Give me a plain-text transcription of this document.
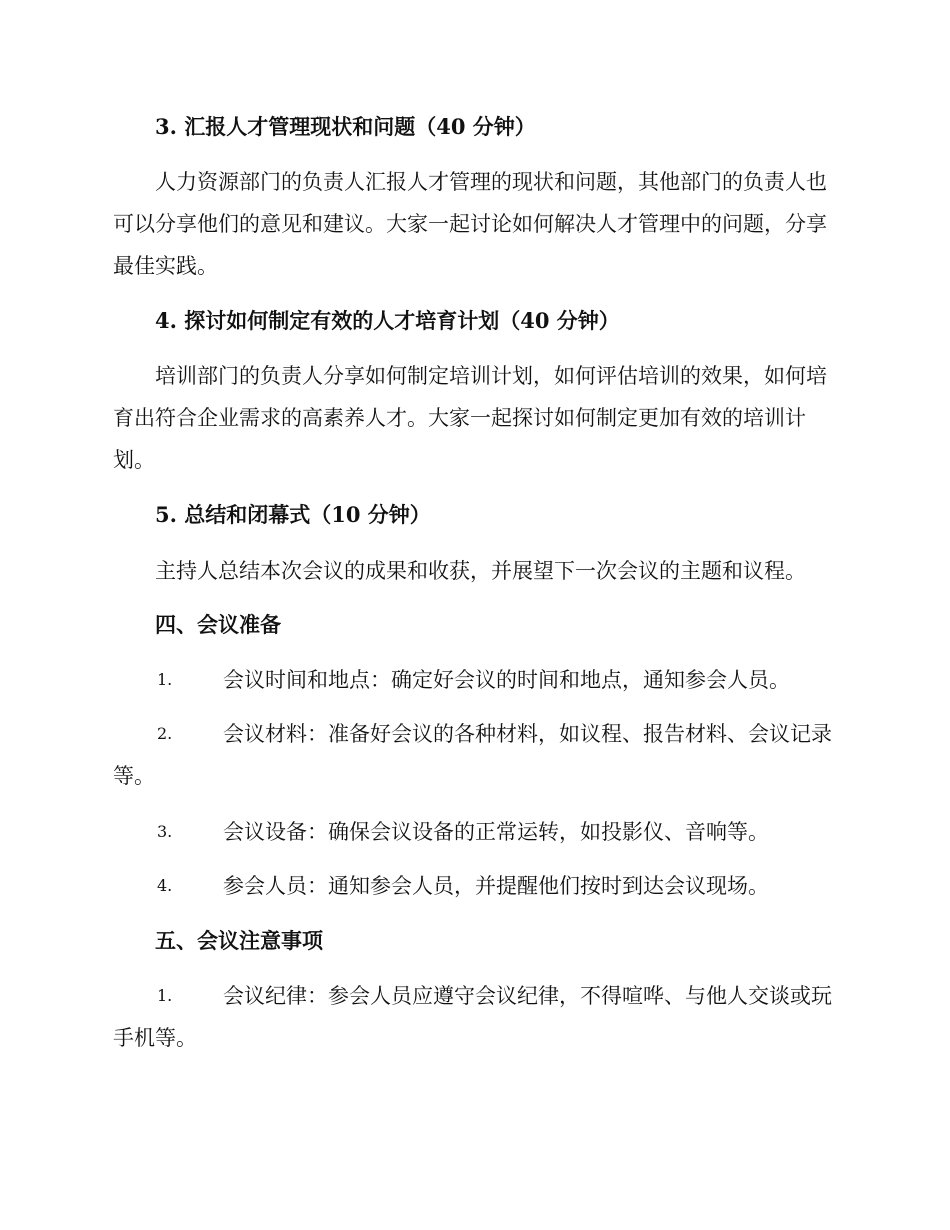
3. 汇报人才管理现状和问题（40 分钟）

人力资源部门的负责人汇报人才管理的现状和问题，其他部门的负责人也可以分享他们的意见和建议。大家一起讨论如何解决人才管理中的问题，分享最佳实践。

4. 探讨如何制定有效的人才培育计划（40 分钟）

培训部门的负责人分享如何制定培训计划，如何评估培训的效果，如何培育出符合企业需求的高素养人才。大家一起探讨如何制定更加有效的培训计划。

5. 总结和闭幕式（10 分钟）

主持人总结本次会议的成果和收获，并展望下一次会议的主题和议程。

四、会议准备
1.	会议时间和地点：确定好会议的时间和地点，通知参会人员。
2.	会议材料：准备好会议的各种材料，如议程、报告材料、会议记录等。
3.	会议设备：确保会议设备的正常运转，如投影仪、音响等。
4.	参会人员：通知参会人员，并提醒他们按时到达会议现场。
五、会议注意事项
1.	会议纪律：参会人员应遵守会议纪律，不得喧哗、与他人交谈或玩手机等。
